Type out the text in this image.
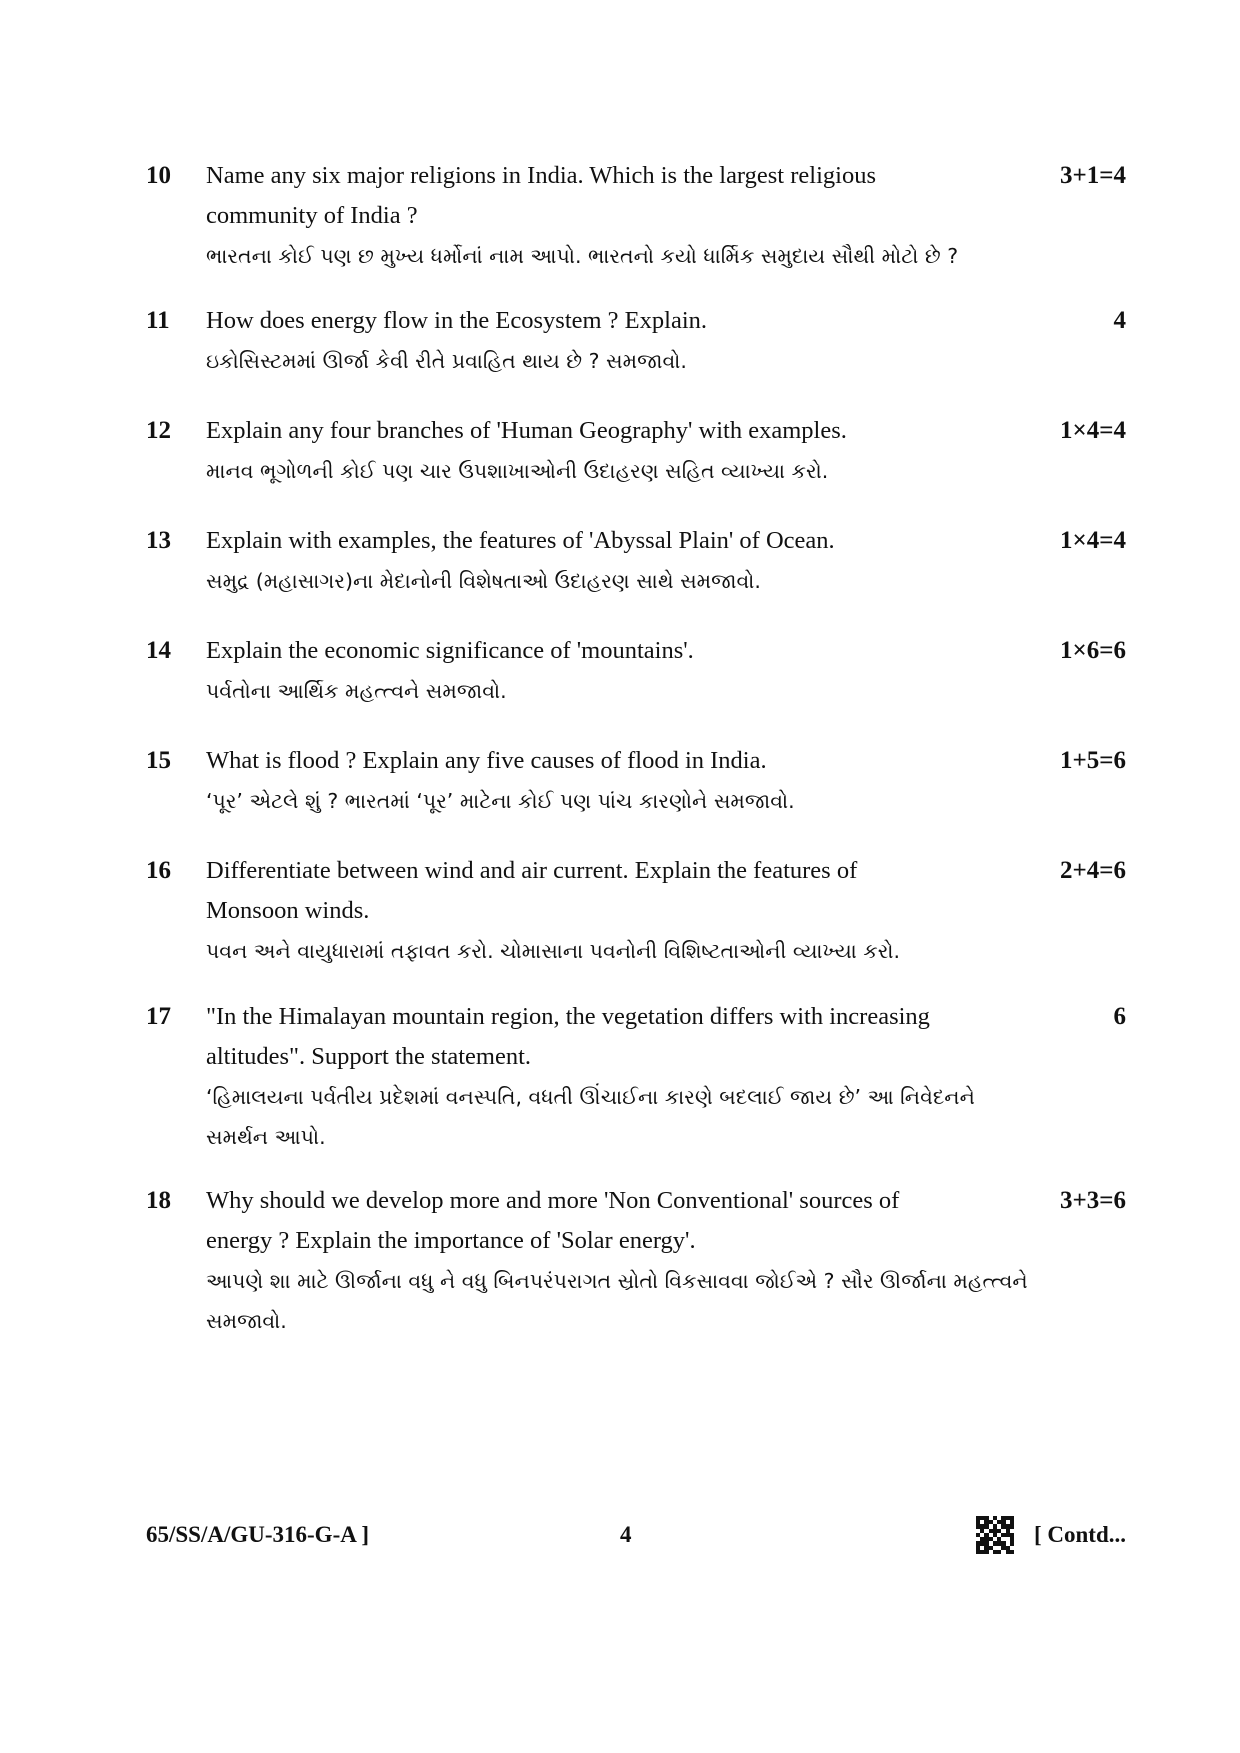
10 Name any six major religions in India. Which is the largest religious
community of India ?
ભારતના કોઈ પણ છ મુખ્ય ધર્મોનાં નામ આપો. ભારતનો કયો ધાર્મિક સમુદાય સૌથી મોટો છે ?
3+1=4
11 How does energy flow in the Ecosystem ? Explain.
ઇકોસિસ્ટમમાં ઊર્જા કેવી રીતે પ્રવાહિત થાય છે ? સમજાવો.
4
12 Explain any four branches of 'Human Geography' with examples.
માનવ ભૂગોળની કોઈ પણ ચાર ઉપશાખાઓની ઉદાહરણ સહિત વ્યાખ્યા કરો.
1×4=4
13 Explain with examples, the features of 'Abyssal Plain' of Ocean.
સમુદ્ર (મહાસાગર)ના મેદાનોની વિશેષતાઓ ઉદાહરણ સાથે સમજાવો.
1×4=4
14 Explain the economic significance of 'mountains'.
પર્વતોના આર્થિક મહત્ત્વને સમજાવો.
1×6=6
15 What is flood ? Explain any five causes of flood in India.
‘પૂર’ એટલે શું ? ભારતમાં ‘પૂર’ માટેના કોઈ પણ પાંચ કારણોને સમજાવો.
1+5=6
16 Differentiate between wind and air current. Explain the features of
Monsoon winds.
પવન અને વાયુધારામાં તફાવત કરો. ચોમાસાના પવનોની વિશિષ્ટતાઓની વ્યાખ્યા કરો.
2+4=6
17 "In the Himalayan mountain region, the vegetation differs with increasing
altitudes". Support the statement.
‘હિમાલયના પર્વતીય પ્રદેશમાં વનસ્પતિ, વધતી ઊંચાઈના કારણે બદલાઈ જાય છે’ આ નિવેદનને
સમર્થન આપો.
6
18 Why should we develop more and more 'Non Conventional' sources of
energy ? Explain the importance of 'Solar energy'.
આપણે શા માટે ઊર્જાના વધુ ને વધુ બિનપરંપરાગત સ્રોતો વિકસાવવા જોઈએ ? સૌર ઊર્જાના મહત્ત્વને
સમજાવો.
3+3=6
65/SS/A/GU-316-G-A ]	4	[ Contd...
